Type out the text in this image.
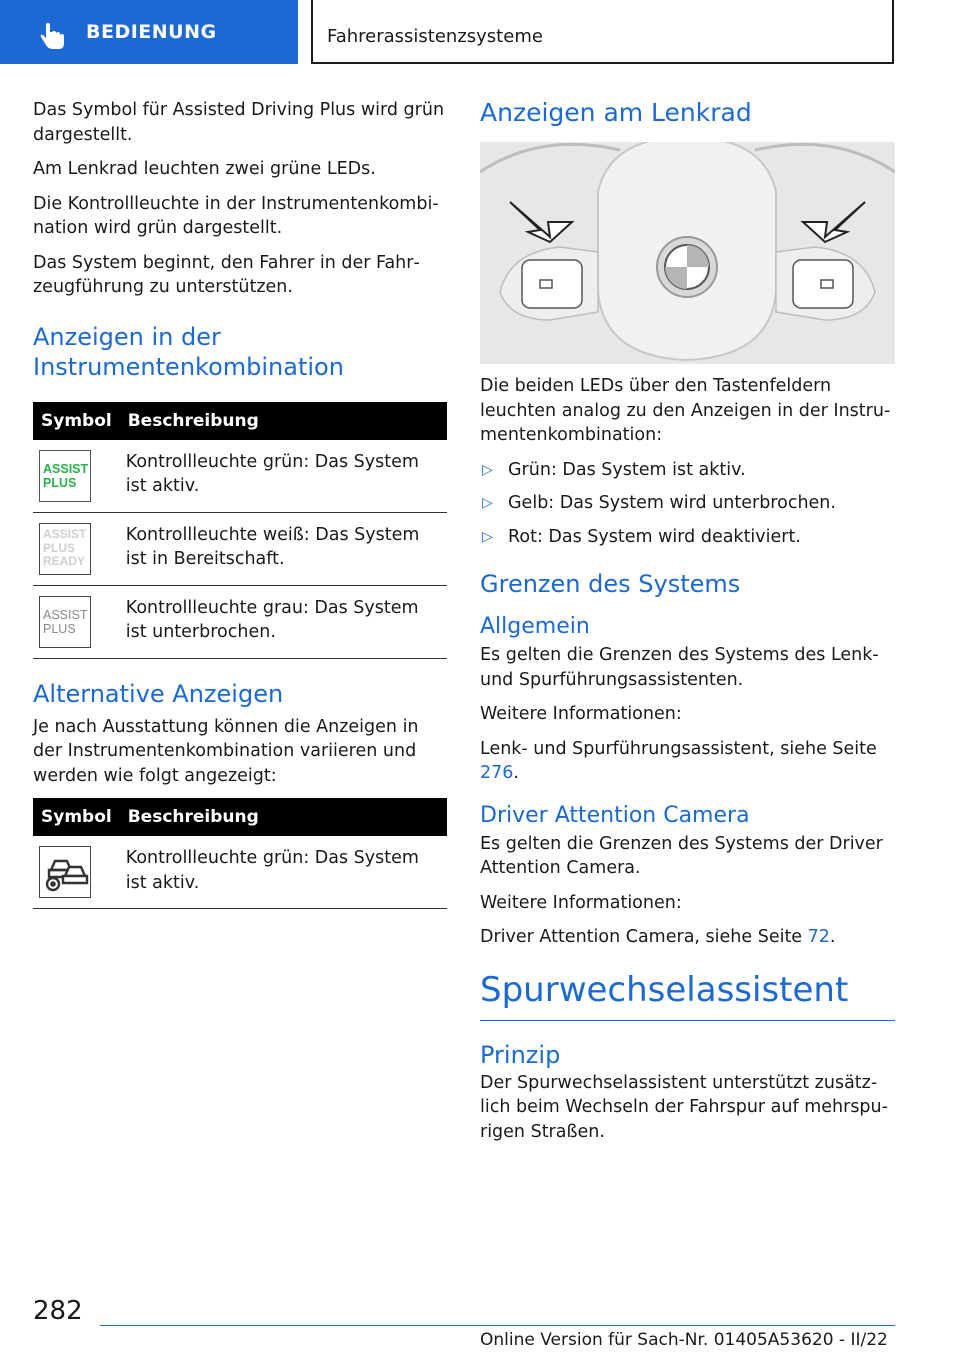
BEDIENUNG	Fahrerassistenzsysteme

Das Symbol für Assisted Driving Plus wird grün dargestellt.

Am Lenkrad leuchten zwei grüne LEDs.

Die Kontrollleuchte in der Instrumentenkombination wird grün dargestellt.

Das System beginnt, den Fahrer in der Fahrzeugführung zu unterstützen.

Anzeigen in der Instrumentenkombination
Symbol	Beschreibung

ASSIST
PLUS	Kontrollleuchte grün: Das System ist aktiv.

ASSIST
PLUS
READY	Kontrollleuchte weiß: Das System ist in Bereitschaft.

ASSIST
PLUS	Kontrollleuchte grau: Das System ist unterbrochen.
Alternative Anzeigen

Je nach Ausstattung können die Anzeigen in der Instrumentenkombination variieren und werden wie folgt angezeigt:

Symbol	Beschreibung

	Kontrollleuchte grün: Das System ist aktiv.
Anzeigen am Lenkrad

Die beiden LEDs über den Tastenfeldern leuchten analog zu den Anzeigen in der Instrumentenkombination:

▷ Grün: Das System ist aktiv.
▷ Gelb: Das System wird unterbrochen.
▷ Rot: Das System wird deaktiviert.
Grenzen des Systems
Allgemein

Es gelten die Grenzen des Systems des Lenk- und Spurführungsassistenten.

Weitere Informationen:

Lenk- und Spurführungsassistent, siehe Seite 276.

Driver Attention Camera

Es gelten die Grenzen des Systems der Driver Attention Camera.

Weitere Informationen:

Driver Attention Camera, siehe Seite 72.

Spurwechselassistent
Prinzip

Der Spurwechselassistent unterstützt zusätzlich beim Wechseln der Fahrspur auf mehrspurigen Straßen.

282
Online Version für Sach-Nr. 01405A53620 - II/22
